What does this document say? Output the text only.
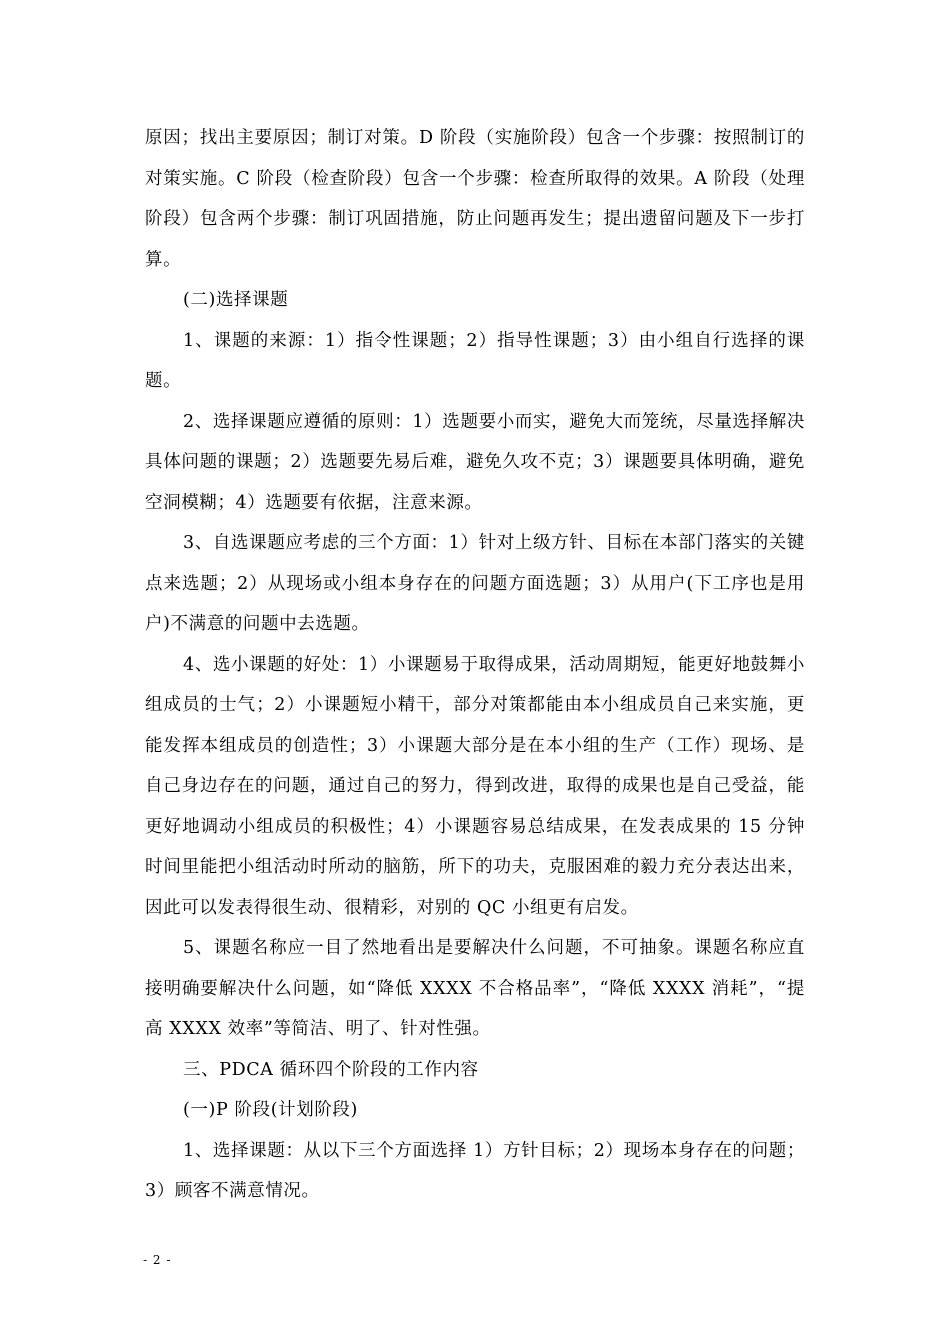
原因；找出主要原因；制订对策。D 阶段（实施阶段）包含一个步骤：按照制订的对策实施。C 阶段（检查阶段）包含一个步骤：检查所取得的效果。A 阶段（处理阶段）包含两个步骤：制订巩固措施，防止问题再发生；提出遗留问题及下一步打算。

(二)选择课题

1、课题的来源：1）指令性课题；2）指导性课题；3）由小组自行选择的课题。

2、选择课题应遵循的原则：1）选题要小而实，避免大而笼统，尽量选择解决具体问题的课题；2）选题要先易后难，避免久攻不克；3）课题要具体明确，避免空洞模糊；4）选题要有依据，注意来源。

3、自选课题应考虑的三个方面：1）针对上级方针、目标在本部门落实的关键点来选题；2）从现场或小组本身存在的问题方面选题；3）从用户(下工序也是用户)不满意的问题中去选题。

4、选小课题的好处：1）小课题易于取得成果，活动周期短，能更好地鼓舞小组成员的士气；2）小课题短小精干，部分对策都能由本小组成员自己来实施，更能发挥本组成员的创造性；3）小课题大部分是在本小组的生产（工作）现场、是自己身边存在的问题，通过自己的努力，得到改进，取得的成果也是自己受益，能更好地调动小组成员的积极性；4）小课题容易总结成果，在发表成果的 15 分钟时间里能把小组活动时所动的脑筋，所下的功夫，克服困难的毅力充分表达出来，因此可以发表得很生动、很精彩，对别的 QC 小组更有启发。

5、课题名称应一目了然地看出是要解决什么问题，不可抽象。课题名称应直接明确要解决什么问题，如“降低 XXXX 不合格品率”，“降低 XXXX 消耗”，“提高 XXXX 效率”等简洁、明了、针对性强。

三、PDCA 循环四个阶段的工作内容

(一)P 阶段(计划阶段)

1、选择课题：从以下三个方面选择 1）方针目标；2）现场本身存在的问题；3）顾客不满意情况。

- 2 -
